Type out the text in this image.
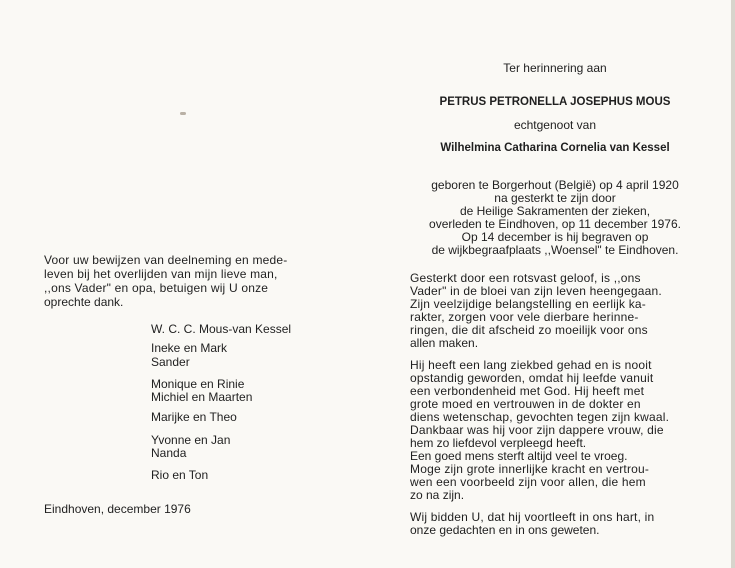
Voor uw bewijzen van deelneming en mede-
leven bij het overlijden van mijn lieve man,
,,ons Vader" en opa, betuigen wij U onze
oprechte dank.
W. C. C. Mous-van Kessel
Ineke en Mark
Sander
Monique en Rinie
Michiel en Maarten
Marijke en Theo
Yvonne en Jan
Nanda
Rio en Ton
Eindhoven, december 1976
Ter herinnering aan
PETRUS PETRONELLA JOSEPHUS MOUS
echtgenoot van
Wilhelmina Catharina Cornelia van Kessel
geboren te Borgerhout (België) op 4 april 1920
na gesterkt te zijn door
de Heilige Sakramenten der zieken,
overleden te Eindhoven, op 11 december 1976.
Op 14 december is hij begraven op
de wijkbegraafplaats ,,Woensel" te Eindhoven.
Gesterkt door een rotsvast geloof, is ,,ons
Vader" in de bloei van zijn leven heengegaan.
Zijn veelzijdige belangstelling en eerlijk ka-
rakter, zorgen voor vele dierbare herinne-
ringen, die dit afscheid zo moeilijk voor ons
allen maken.
Hij heeft een lang ziekbed gehad en is nooit
opstandig geworden, omdat hij leefde vanuit
een verbondenheid met God. Hij heeft met
grote moed en vertrouwen in de dokter en
diens wetenschap, gevochten tegen zijn kwaal.
Dankbaar was hij voor zijn dappere vrouw, die
hem zo liefdevol verpleegd heeft.
Een goed mens sterft altijd veel te vroeg.
Moge zijn grote innerlijke kracht en vertrou-
wen een voorbeeld zijn voor allen, die hem
zo na zijn.
Wij bidden U, dat hij voortleeft in ons hart, in
onze gedachten en in ons geweten.
